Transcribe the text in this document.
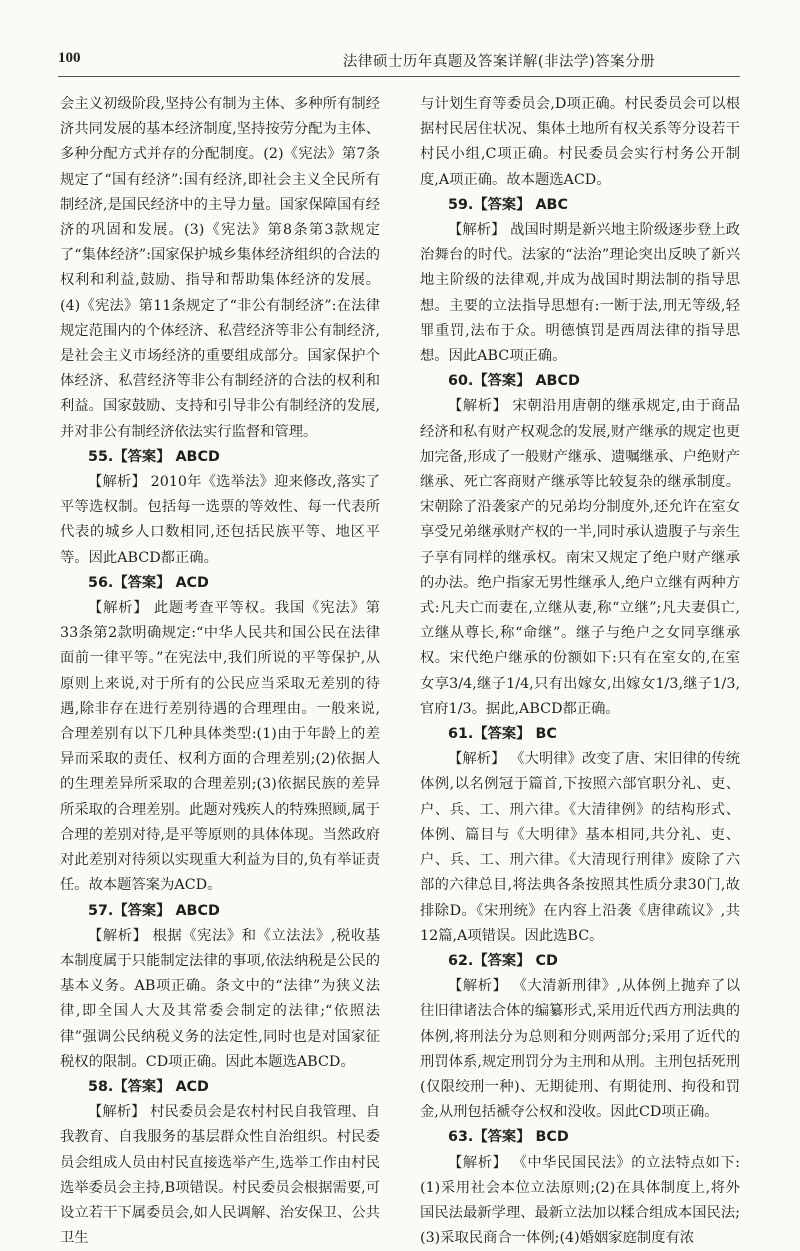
100	法律硕士历年真题及答案详解(非法学)答案分册

会主义初级阶段,坚持公有制为主体、多种所有制经济共同发展的基本经济制度,坚持按劳分配为主体、多种分配方式并存的分配制度。(2)《宪法》第7条规定了“国有经济”:国有经济,即社会主义全民所有制经济,是国民经济中的主导力量。国家保障国有经济的巩固和发展。(3)《宪法》第8条第3款规定了“集体经济”:国家保护城乡集体经济组织的合法的权利和利益,鼓励、指导和帮助集体经济的发展。(4)《宪法》第11条规定了“非公有制经济”:在法律规定范围内的个体经济、私营经济等非公有制经济,是社会主义市场经济的重要组成部分。国家保护个体经济、私营经济等非公有制经济的合法的权利和利益。国家鼓励、支持和引导非公有制经济的发展,并对非公有制经济依法实行监督和管理。

55.【答案】 ABCD

【解析】 2010年《选举法》迎来修改,落实了平等选权制。包括每一选票的等效性、每一代表所代表的城乡人口数相同,还包括民族平等、地区平等。因此ABCD都正确。

56.【答案】 ACD

【解析】 此题考查平等权。我国《宪法》第33条第2款明确规定:“中华人民共和国公民在法律面前一律平等。”在宪法中,我们所说的平等保护,从原则上来说,对于所有的公民应当采取无差别的待遇,除非存在进行差别待遇的合理理由。一般来说,合理差别有以下几种具体类型:(1)由于年龄上的差异而采取的责任、权利方面的合理差别;(2)依据人的生理差异所采取的合理差别;(3)依据民族的差异所采取的合理差别。此题对残疾人的特殊照顾,属于合理的差别对待,是平等原则的具体体现。当然政府对此差别对待须以实现重大利益为目的,负有举证责任。故本题答案为ACD。

57.【答案】 ABCD

【解析】 根据《宪法》和《立法法》,税收基本制度属于只能制定法律的事项,依法纳税是公民的基本义务。AB项正确。条文中的“法律”为狭义法律,即全国人大及其常委会制定的法律;“依照法律”强调公民纳税义务的法定性,同时也是对国家征税权的限制。CD项正确。因此本题选ABCD。

58.【答案】 ACD

【解析】 村民委员会是农村村民自我管理、自我教育、自我服务的基层群众性自治组织。村民委员会组成人员由村民直接选举产生,选举工作由村民选举委员会主持,B项错误。村民委员会根据需要,可设立若干下属委员会,如人民调解、治安保卫、公共卫生

与计划生育等委员会,D项正确。村民委员会可以根据村民居住状况、集体土地所有权关系等分设若干村民小组,C项正确。村民委员会实行村务公开制度,A项正确。故本题选ACD。

59.【答案】 ABC

【解析】 战国时期是新兴地主阶级逐步登上政治舞台的时代。法家的“法治”理论突出反映了新兴地主阶级的法律观,并成为战国时期法制的指导思想。主要的立法指导思想有:一断于法,刑无等级,轻罪重罚,法布于众。明德慎罚是西周法律的指导思想。因此ABC项正确。

60.【答案】 ABCD

【解析】 宋朝沿用唐朝的继承规定,由于商品经济和私有财产权观念的发展,财产继承的规定也更加完备,形成了一般财产继承、遗嘱继承、户绝财产继承、死亡客商财产继承等比较复杂的继承制度。宋朝除了沿袭家产的兄弟均分制度外,还允许在室女享受兄弟继承财产权的一半,同时承认遗腹子与亲生子享有同样的继承权。南宋又规定了绝户财产继承的办法。绝户指家无男性继承人,绝户立继有两种方式:凡夫亡而妻在,立继从妻,称“立继”;凡夫妻俱亡,立继从尊长,称“命继”。继子与绝户之女同享继承权。宋代绝户继承的份额如下:只有在室女的,在室女享3/4,继子1/4,只有出嫁女,出嫁女1/3,继子1/3,官府1/3。据此,ABCD都正确。

61.【答案】 BC

【解析】 《大明律》改变了唐、宋旧律的传统体例,以名例冠于篇首,下按照六部官职分礼、吏、户、兵、工、刑六律。《大清律例》的结构形式、体例、篇目与《大明律》基本相同,共分礼、吏、户、兵、工、刑六律。《大清现行刑律》废除了六部的六律总目,将法典各条按照其性质分隶30门,故排除D。《宋刑统》在内容上沿袭《唐律疏议》,共12篇,A项错误。因此选BC。

62.【答案】 CD

【解析】 《大清新刑律》,从体例上抛弃了以往旧律诸法合体的编纂形式,采用近代西方刑法典的体例,将刑法分为总则和分则两部分;采用了近代的刑罚体系,规定刑罚分为主刑和从刑。主刑包括死刑(仅限绞刑一种)、无期徒刑、有期徒刑、拘役和罚金,从刑包括褫夺公权和没收。因此CD项正确。

63.【答案】 BCD

【解析】 《中华民国民法》的立法特点如下:(1)采用社会本位立法原则;(2)在具体制度上,将外国民法最新学理、最新立法加以糅合组成本国民法;(3)采取民商合一体例;(4)婚姻家庭制度有浓
